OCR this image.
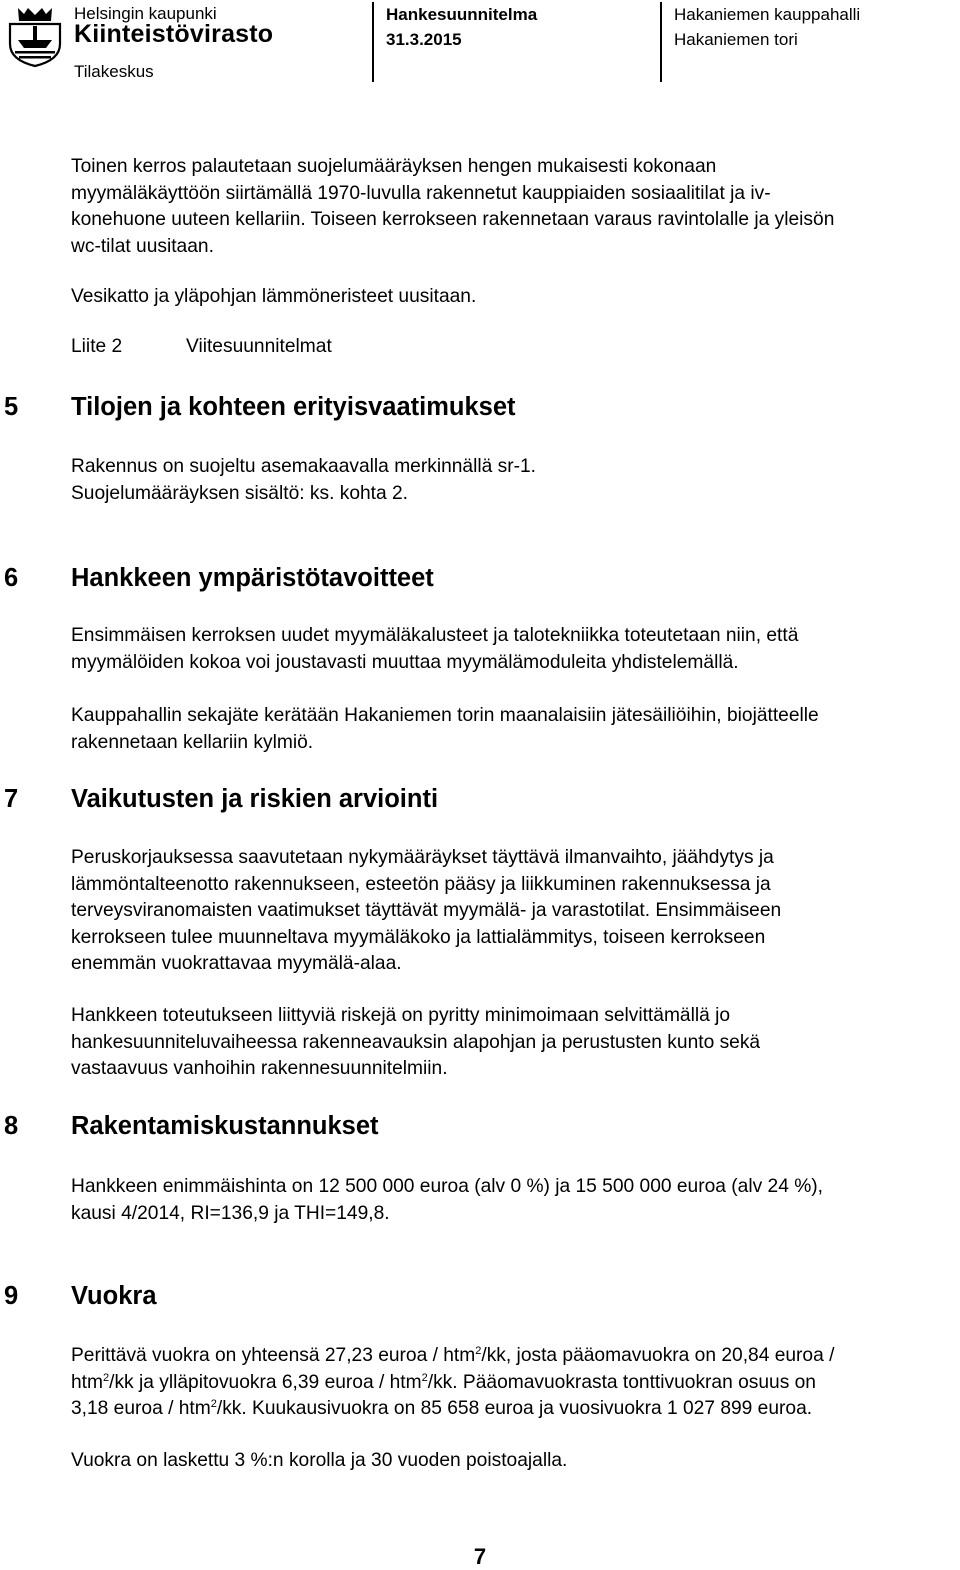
Helsingin kaupunki
Kiinteistövirasto
Tilakeskus
Hankesuunnitelma
31.3.2015
Hakaniemen kauppahalli
Hakaniemen tori

Toinen kerros palautetaan suojelumääräyksen hengen mukaisesti kokonaan

myymäläkäyttöön siirtämällä 1970-luvulla rakennetut kauppiaiden sosiaalitilat ja iv-

konehuone uuteen kellariin. Toiseen kerrokseen rakennetaan varaus ravintolalle ja yleisön

wc-tilat uusitaan.

Vesikatto ja yläpohjan lämmöneristeet uusitaan.
Liite 2	Viitesuunnitelmat
5 Tilojen ja kohteen erityisvaatimukset

Rakennus on suojeltu asemakaavalla merkinnällä sr-1.

Suojelumääräyksen sisältö: ks. kohta 2.

6 Hankkeen ympäristötavoitteet

Ensimmäisen kerroksen uudet myymäläkalusteet ja talotekniikka toteutetaan niin, että

myymälöiden kokoa voi joustavasti muuttaa myymälämoduleita yhdistelemällä.

Kauppahallin sekajäte kerätään Hakaniemen torin maanalaisiin jätesäiliöihin, biojätteelle

rakennetaan kellariin kylmiö.

7 Vaikutusten ja riskien arviointi

Peruskorjauksessa saavutetaan nykymääräykset täyttävä ilmanvaihto, jäähdytys ja

lämmöntalteenotto rakennukseen, esteetön pääsy ja liikkuminen rakennuksessa ja

terveysviranomaisten vaatimukset täyttävät myymälä- ja varastotilat. Ensimmäiseen

kerrokseen tulee muunneltava myymäläkoko ja lattialämmitys, toiseen kerrokseen

enemmän vuokrattavaa myymälä-alaa.

Hankkeen toteutukseen liittyviä riskejä on pyritty minimoimaan selvittämällä jo

hankesuunniteluvaiheessa rakenneavauksin alapohjan ja perustusten kunto sekä

vastaavuus vanhoihin rakennesuunnitelmiin.

8 Rakentamiskustannukset

Hankkeen enimmäishinta on 12 500 000 euroa (alv 0 %) ja 15 500 000 euroa (alv 24 %),

kausi 4/2014, RI=136,9 ja THI=149,8.

9 Vuokra

Perittävä vuokra on yhteensä 27,23 euroa / htm$^2$/kk, josta pääomavuokra on 20,84 euroa /

htm$^2$/kk ja ylläpitovuokra 6,39 euroa / htm$^2$/kk. Pääomavuokrasta tonttivuokran osuus on

3,18 euroa / htm$^2$/kk. Kuukausivuokra on 85 658 euroa ja vuosivuokra 1 027 899 euroa.

Vuokra on laskettu 3 %:n korolla ja 30 vuoden poistoajalla.
7
